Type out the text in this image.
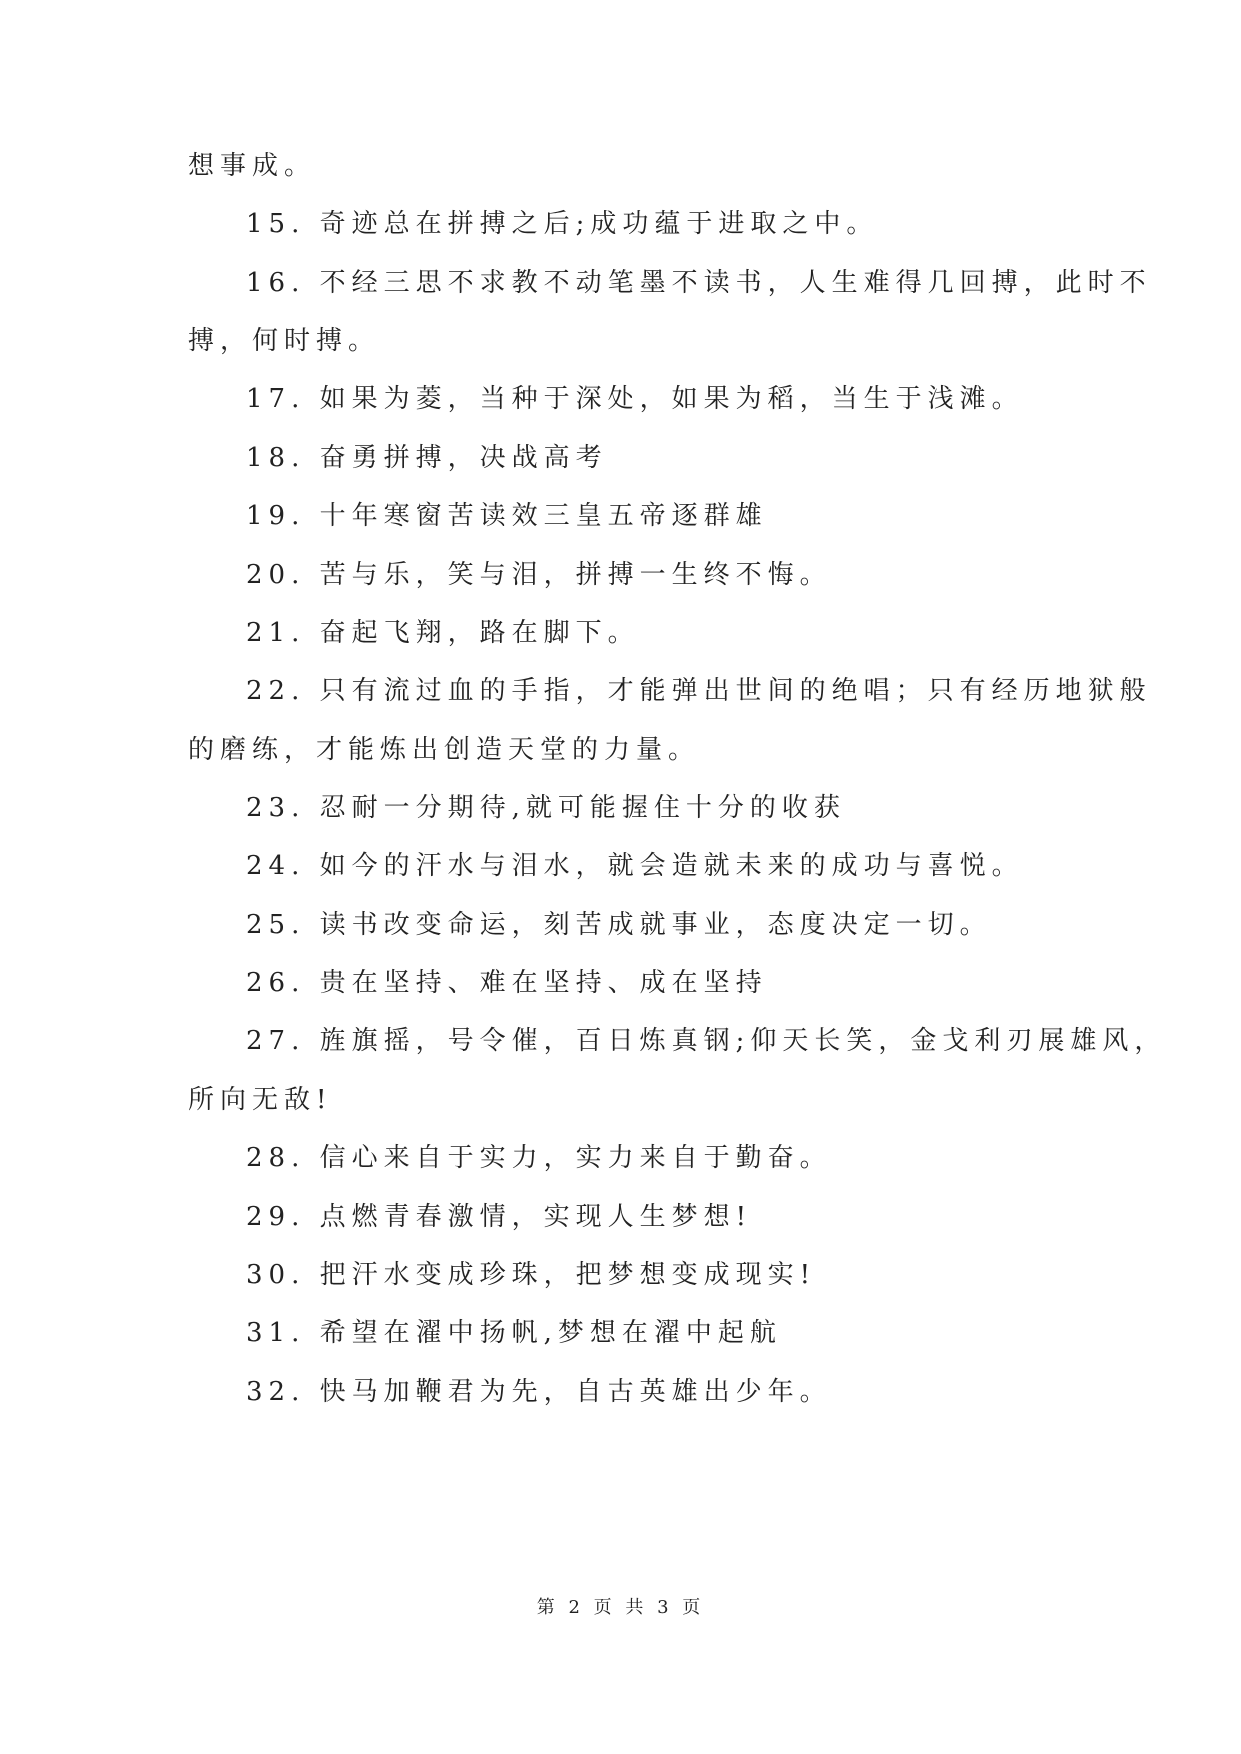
想事成。
15. 奇迹总在拼搏之后;成功蕴于进取之中。
16. 不经三思不求教不动笔墨不读书，人生难得几回搏，此时不
搏，何时搏。
17. 如果为菱，当种于深处，如果为稻，当生于浅滩。
18. 奋勇拼搏，决战高考
19. 十年寒窗苦读效三皇五帝逐群雄
20. 苦与乐，笑与泪，拼搏一生终不悔。
21. 奋起飞翔，路在脚下。
22. 只有流过血的手指，才能弹出世间的绝唱；只有经历地狱般
的磨练，才能炼出创造天堂的力量。
23. 忍耐一分期待,就可能握住十分的收获
24. 如今的汗水与泪水，就会造就未来的成功与喜悦。
25. 读书改变命运，刻苦成就事业，态度决定一切。
26. 贵在坚持、难在坚持、成在坚持
27. 旌旗摇，号令催，百日炼真钢;仰天长笑，金戈利刃展雄风，
所向无敌!
28. 信心来自于实力，实力来自于勤奋。
29. 点燃青春激情，实现人生梦想!
30. 把汗水变成珍珠，把梦想变成现实!
31. 希望在濯中扬帆,梦想在濯中起航
32. 快马加鞭君为先，自古英雄出少年。
第 2 页 共 3 页
